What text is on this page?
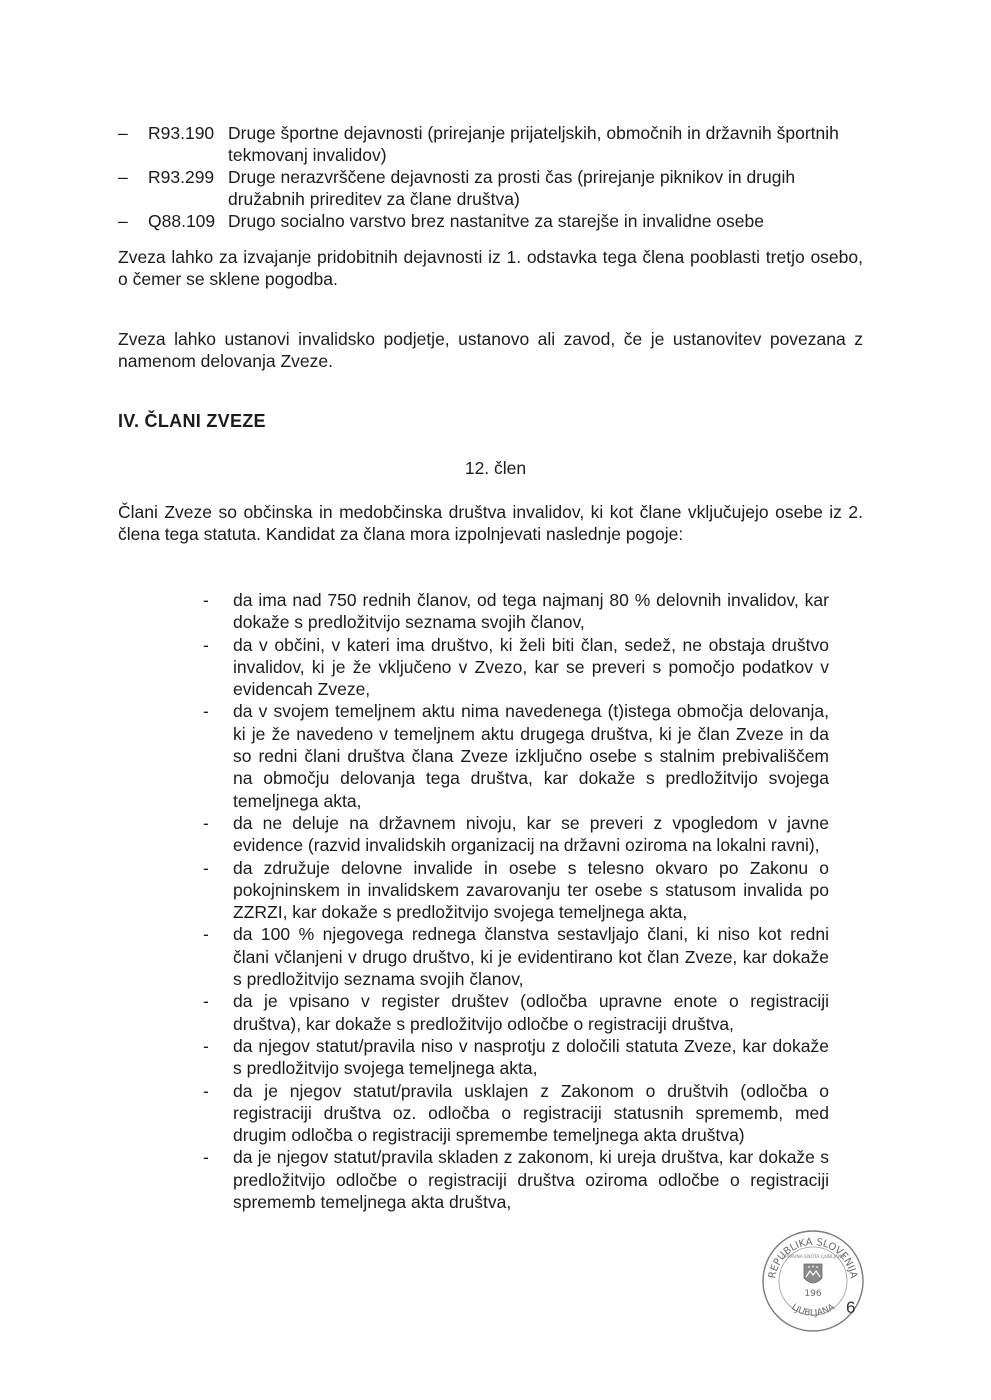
–	R93.190 Druge športne dejavnosti (prirejanje prijateljskih, območnih in državnih športnih tekmovanj invalidov)
–	R93.299 Druge nerazvrščene dejavnosti za prosti čas (prirejanje piknikov in drugih družabnih prireditev za člane društva)
–	Q88.109 Drugo socialno varstvo brez nastanitve za starejše in invalidne osebe

Zveza lahko za izvajanje pridobitnih dejavnosti iz 1. odstavka tega člena pooblasti tretjo osebo, o čemer se sklene pogodba.

Zveza lahko ustanovi invalidsko podjetje, ustanovo ali zavod, če je ustanovitev povezana z namenom delovanja Zveze.

IV. ČLANI ZVEZE
12. člen

Člani Zveze so občinska in medobčinska društva invalidov, ki kot člane vključujejo osebe iz 2. člena tega statuta. Kandidat za člana mora izpolnjevati naslednje pogoje:

-	da ima nad 750 rednih članov, od tega najmanj 80 % delovnih invalidov, kar dokaže s predložitvijo seznama svojih članov,
-	da v občini, v kateri ima društvo, ki želi biti član, sedež, ne obstaja društvo invalidov, ki je že vključeno v Zvezo, kar se preveri s pomočjo podatkov v evidencah Zveze,
-	da v svojem temeljnem aktu nima navedenega (t)istega območja delovanja, ki je že navedeno v temeljnem aktu drugega društva, ki je član Zveze in da so redni člani društva člana Zveze izključno osebe s stalnim prebivališčem na območju delovanja tega društva, kar dokaže s predložitvijo svojega temeljnega akta,
-	da ne deluje na državnem nivoju, kar se preveri z vpogledom v javne evidence (razvid invalidskih organizacij na državni oziroma na lokalni ravni),
-	da združuje delovne invalide in osebe s telesno okvaro po Zakonu o pokojninskem in invalidskem zavarovanju ter osebe s statusom invalida po ZZRZI, kar dokaže s predložitvijo svojega temeljnega akta,
-	da 100 % njegovega rednega članstva sestavljajo člani, ki niso kot redni člani včlanjeni v drugo društvo, ki je evidentirano kot član Zveze, kar dokaže s predložitvijo seznama svojih članov,
-	da je vpisano v register društev (odločba upravne enote o registraciji društva), kar dokaže s predložitvijo odločbe o registraciji društva,
-	da njegov statut/pravila niso v nasprotju z določili statuta Zveze, kar dokaže s predložitvijo svojega temeljnega akta,
-	da je njegov statut/pravila usklajen z Zakonom o društvih (odločba o registraciji društva oz. odločba o registraciji statusnih sprememb, med drugim odločba o registraciji spremembe temeljnega akta društva)
-	da je njegov statut/pravila skladen z zakonom, ki ureja društva, kar dokaže s predložitvijo odločbe o registraciji društva oziroma odločbe o registraciji sprememb temeljnega akta društva,
REPUBLIKA SLOVENIJA
LJUBLJANA
UPRAVNA ENOTA LJUBLJANA
196
6
